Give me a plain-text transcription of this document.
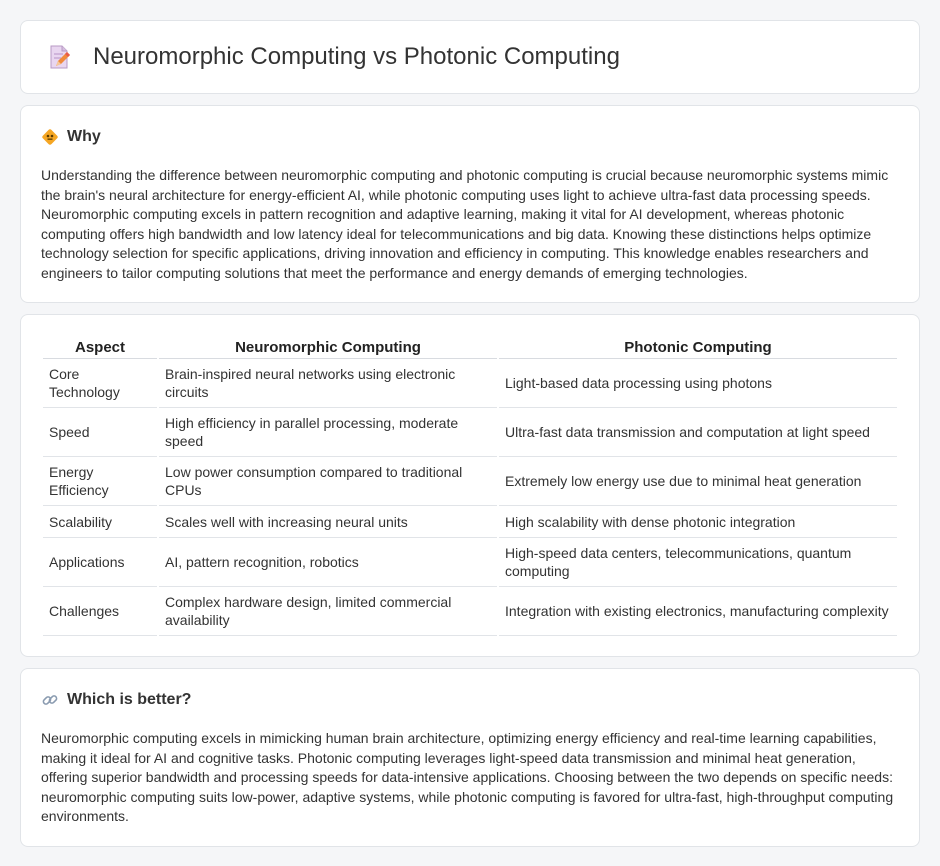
Neuromorphic Computing vs Photonic Computing
Why

Understanding the difference between neuromorphic computing and photonic computing is crucial because neuromorphic systems mimic the brain's neural architecture for energy-efficient AI, while photonic computing uses light to achieve ultra-fast data processing speeds. Neuromorphic computing excels in pattern recognition and adaptive learning, making it vital for AI development, whereas photonic computing offers high bandwidth and low latency ideal for telecommunications and big data. Knowing these distinctions helps optimize technology selection for specific applications, driving innovation and efficiency in computing. This knowledge enables researchers and engineers to tailor computing solutions that meet the performance and energy demands of emerging technologies.

Aspect	Neuromorphic Computing	Photonic Computing
Core Technology	Brain-inspired neural networks using electronic circuits	Light-based data processing using photons
Speed	High efficiency in parallel processing, moderate speed	Ultra-fast data transmission and computation at light speed
Energy Efficiency	Low power consumption compared to traditional CPUs	Extremely low energy use due to minimal heat generation
Scalability	Scales well with increasing neural units	High scalability with dense photonic integration
Applications	AI, pattern recognition, robotics	High-speed data centers, telecommunications, quantum computing
Challenges	Complex hardware design, limited commercial availability	Integration with existing electronics, manufacturing complexity
Which is better?

Neuromorphic computing excels in mimicking human brain architecture, optimizing energy efficiency and real-time learning capabilities, making it ideal for AI and cognitive tasks. Photonic computing leverages light-speed data transmission and minimal heat generation, offering superior bandwidth and processing speeds for data-intensive applications. Choosing between the two depends on specific needs: neuromorphic computing suits low-power, adaptive systems, while photonic computing is favored for ultra-fast, high-throughput computing environments.
